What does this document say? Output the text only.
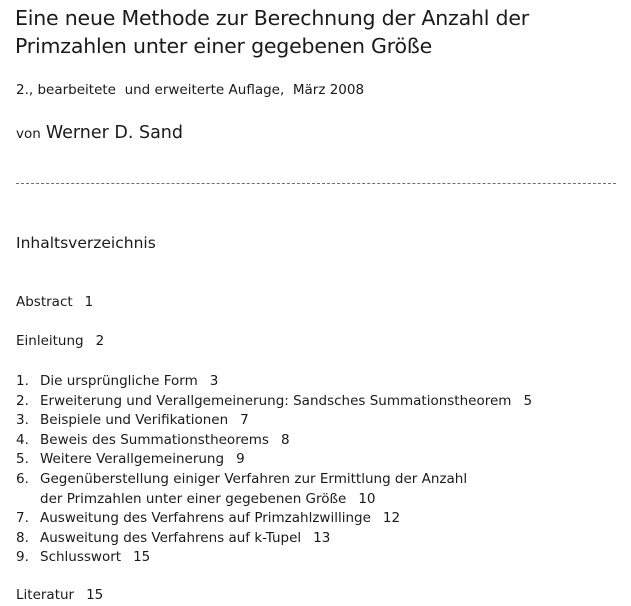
Eine neue Methode zur Berechnung der Anzahl der Primzahlen unter einer gegebenen Größe
2., bearbeitete  und erweiterte Auflage,  März 2008
von Werner D. Sand
Inhaltsverzeichnis
Abstract 1
Einleitung 2
1. Die ursprüngliche Form 3
2. Erweiterung und Verallgemeinerung: Sandsches Summationstheorem 5
3. Beispiele und Verifikationen 7
4. Beweis des Summationstheorems 8
5. Weitere Verallgemeinerung 9
6. Gegenüberstellung einiger Verfahren zur Ermittlung der Anzahl
der Primzahlen unter einer gegebenen Größe 10
7. Ausweitung des Verfahrens auf Primzahlzwillinge 12
8. Ausweitung des Verfahrens auf k-Tupel 13
9. Schlusswort 15
Literatur 15
